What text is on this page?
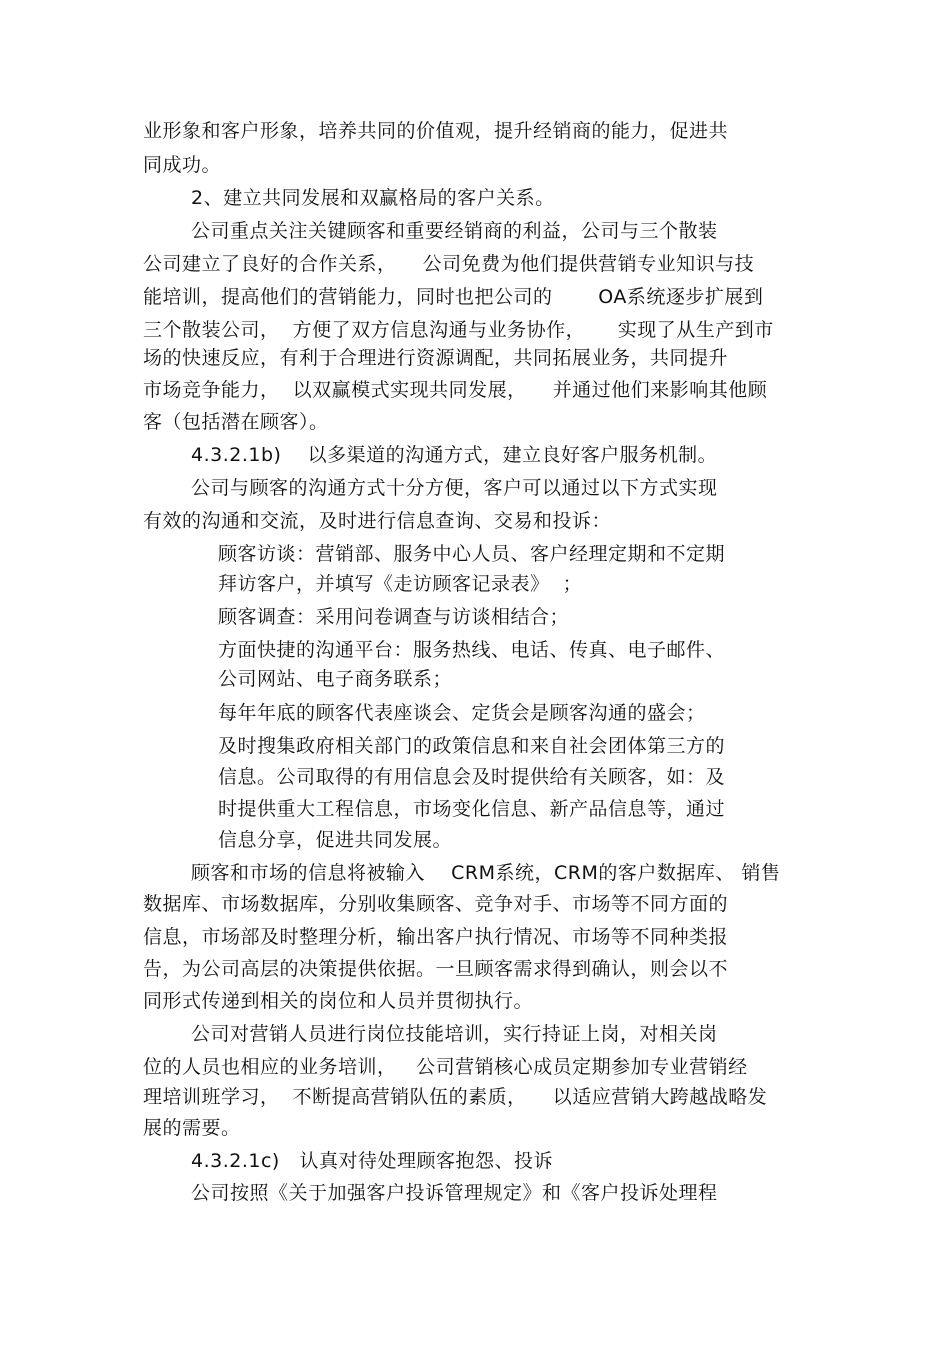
业形象和客户形象，培养共同的价值观，提升经销商的能力，促进共
同成功。
2、建立共同发展和双赢格局的客户关系。
公司重点关注关键顾客和重要经销商的利益，公司与三个散装
公司建立了良好的合作关系，    公司免费为他们提供营销专业知识与技
能培训，提高他们的营销能力，同时也把公司的       OA系统逐步扩展到
三个散装公司，  方便了双方信息沟通与业务协作，     实现了从生产到市
场的快速反应，有利于合理进行资源调配，共同拓展业务，共同提升
市场竞争能力，  以双赢模式实现共同发展，    并通过他们来影响其他顾
客（包括潜在顾客）。
4.3.2.1b)    以多渠道的沟通方式，建立良好客户服务机制。
公司与顾客的沟通方式十分方便，客户可以通过以下方式实现
有效的沟通和交流，及时进行信息查询、交易和投诉：
顾客访谈：营销部、服务中心人员、客户经理定期和不定期
拜访客户，并填写《走访顾客记录表》  ；
顾客调查：采用问卷调查与访谈相结合；
方面快捷的沟通平台：服务热线、电话、传真、电子邮件、
公司网站、电子商务联系；
每年年底的顾客代表座谈会、定货会是顾客沟通的盛会；
及时搜集政府相关部门的政策信息和来自社会团体第三方的
信息。公司取得的有用信息会及时提供给有关顾客，如：及
时提供重大工程信息，市场变化信息、新产品信息等，通过
信息分享，促进共同发展。
顾客和市场的信息将被输入    CRM系统，CRM的客户数据库、 销售
数据库、市场数据库，分别收集顾客、竞争对手、市场等不同方面的
信息，市场部及时整理分析，输出客户执行情况、市场等不同种类报
告，为公司高层的决策提供依据。一旦顾客需求得到确认，则会以不
同形式传递到相关的岗位和人员并贯彻执行。
公司对营销人员进行岗位技能培训，实行持证上岗，对相关岗
位的人员也相应的业务培训，   公司营销核心成员定期参加专业营销经
理培训班学习，  不断提高营销队伍的素质，    以适应营销大跨越战略发
展的需要。
4.3.2.1c)   认真对待处理顾客抱怨、投诉
公司按照《关于加强客户投诉管理规定》和《客户投诉处理程
